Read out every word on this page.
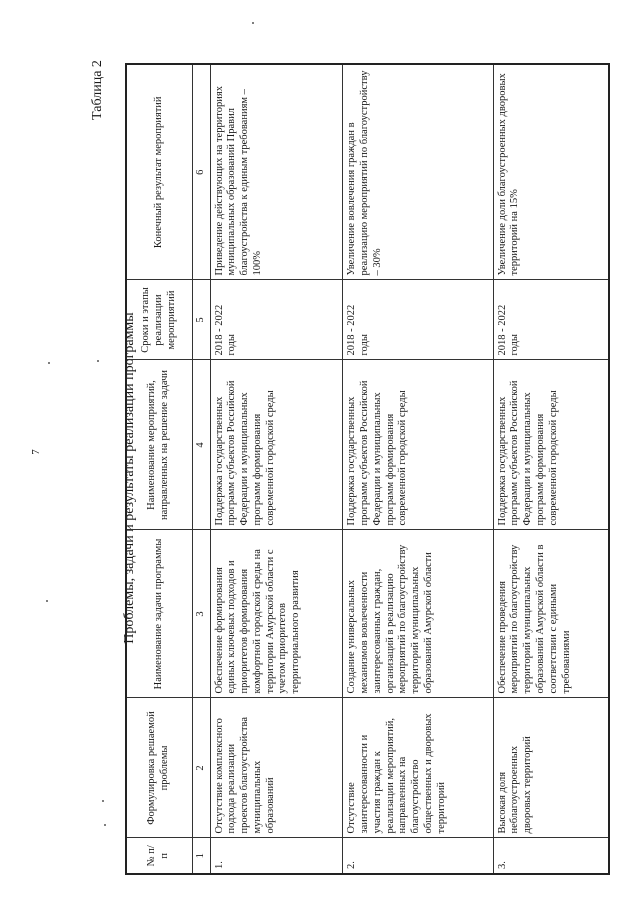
7
Таблица 2
Проблемы, задачи и результаты реализации программы
№ п/п	Формулировка решаемой проблемы	Наименование задачи программы	Наименование мероприятий, направленных на решение задачи	Сроки и этапы реализации мероприятий	Конечный результат мероприятий
1	2	3	4	5	6
1.	Отсутствие комплексного подхода реализации проектов благоустройства муниципальных образований	Обеспечение формирования единых ключевых подходов и приоритетов формирования комфортной городской среды на территории Амурской области с учетом приоритетов территориального развития	Поддержка государственных программ субъектов Российской Федерации и муниципальных программ формирования современной городской среды	2018 - 2022 годы	Приведение действующих на территориях муниципальных образований Правил благоустройства к единым требованиям – 100%
2.	Отсутствие заинтересованности и участия граждан к реализации мероприятий, направленных на благоустройство общественных и дворовых территорий	Создание универсальных механизмов вовлеченности заинтересованных граждан, организаций в реализацию мероприятий по благоустройству территорий муниципальных образований Амурской области	Поддержка государственных программ субъектов Российской Федерации и муниципальных программ формирования современной городской среды	2018 - 2022 годы	Увеличение вовлечения граждан в реализацию мероприятий по благоустройству – 30%
3.	Высокая доля неблагоустроенных дворовых территорий	Обеспечение проведения мероприятий по благоустройству территорий муниципальных образований Амурской области в соответствии с едиными требованиями	Поддержка государственных программ субъектов Российской Федерации и муниципальных программ формирования современной городской среды	2018 - 2022 годы	Увеличение доли благоустроенных дворовых территорий на 15%
